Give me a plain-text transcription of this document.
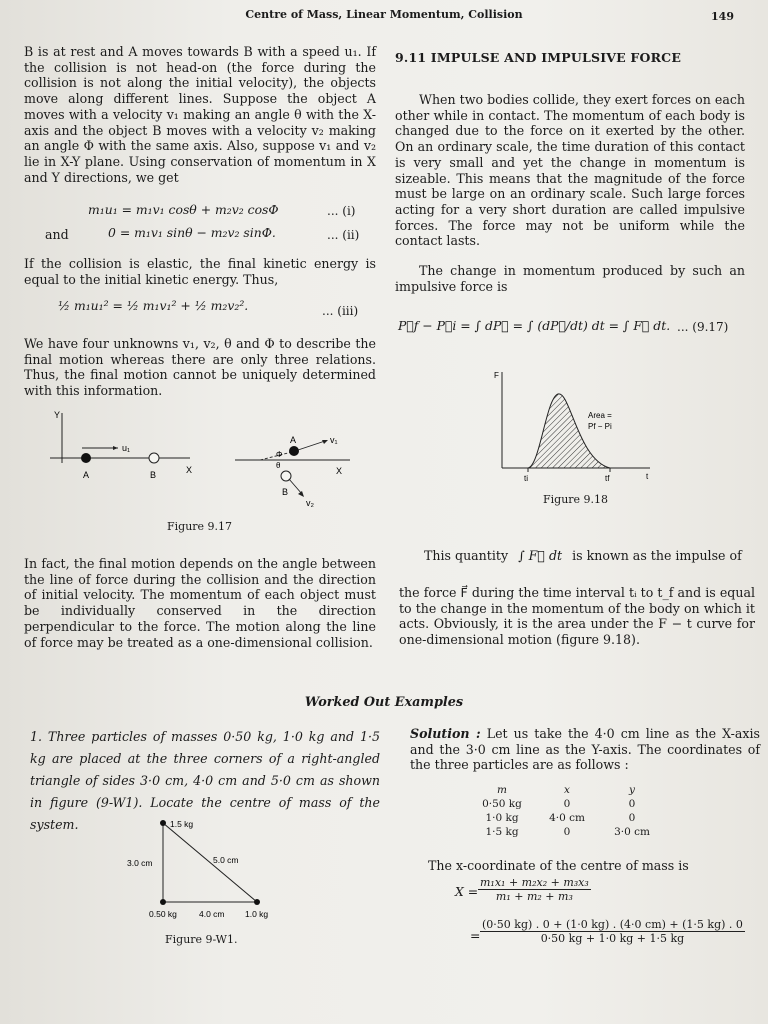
Centre of Mass, Linear Momentum, Collision	149

B is at rest and A moves towards B with a speed u₁. If the collision is not head-on (the force during the collision is not along the initial velocity), the objects move along different lines. Suppose the object A moves with a velocity v₁ making an angle θ with the X-axis and the object B moves with a velocity v₂ making an angle Φ with the same axis. Also, suppose v₁ and v₂ lie in X-Y plane. Using conservation of momentum in X and Y directions, we get

m₁u₁ = m₁v₁ cosθ + m₂v₂ cosΦ	... (i)
and	0 = m₁v₁ sinθ − m₂v₂ sinΦ.	... (ii)

If the collision is elastic, the final kinetic energy is equal to the initial kinetic energy. Thus,

½ m₁u₁² = ½ m₁v₁² + ½ m₂v₂².	... (iii)

We have four unknowns v₁, v₂, θ and Φ to describe the final motion whereas there are only three relations. Thus, the final motion cannot be uniquely determined with this information.

Y
X
u₁
A	B
A	v₁
B
v₂
θ
Φ
X
Figure 9.17

In fact, the final motion depends on the angle between the line of force during the collision and the direction of initial velocity. The momentum of each object must be individually conserved in the direction perpendicular to the force. The motion along the line of force may be treated as a one-dimensional collision.

9.11 IMPULSE AND IMPULSIVE FORCE

When two bodies collide, they exert forces on each other while in contact. The momentum of each body is changed due to the force on it exerted by the other. On an ordinary scale, the time duration of this contact is very small and yet the change in momentum is sizeable. This means that the magnitude of the force must be large on an ordinary scale. Such large forces acting for a very short duration are called impulsive forces. The force may not be uniform while the contact lasts.

The change in momentum produced by such an impulsive force is

P⃗f − P⃗i = ∫ dP⃗ = ∫ (dP⃗/dt) dt = ∫ F⃗ dt. ... (9.17)
F
Area =
Pf − Pi
ti	tf	t
Figure 9.18
This quantity ∫ F⃗ dt is known as the impulse of

the force F⃗ during the time interval tᵢ to t_f and is equal to the change in the momentum of the body on which it acts. Obviously, it is the area under the F − t curve for one-dimensional motion (figure 9.18).

Worked Out Examples

1. Three particles of masses 0·50 kg, 1·0 kg and 1·5 kg are placed at the three corners of a right-angled triangle of sides 3·0 cm, 4·0 cm and 5·0 cm as shown in figure (9-W1). Locate the centre of mass of the system.	1.5 kg
3.0 cm	5.0 cm
0.50 kg	4.0 cm 1.0 kg
Figure 9-W1.
Solution : Let us take the 4·0 cm line as the X-axis and the 3·0 cm line as the Y-axis. The coordinates of the three particles are as follows :
m	x	y
0·50 kg	0	0
1·0 kg	4·0 cm	0
1·5 kg	0	3·0 cm
The x-coordinate of the centre of mass is
$X = \frac{\text{m₁x₁ + m₂x₂ + m₃x₃}}{\text{m₁ + m₂ + m₃}}$
= $\frac{(0\cdot 50 kg) . 0 + (1\cdot 0 kg) . (4\cdot 0 cm) + (1\cdot 5 kg) . 0}{0\cdot 50 kg + 1\cdot 0 kg + 1\cdot 5 kg}$
